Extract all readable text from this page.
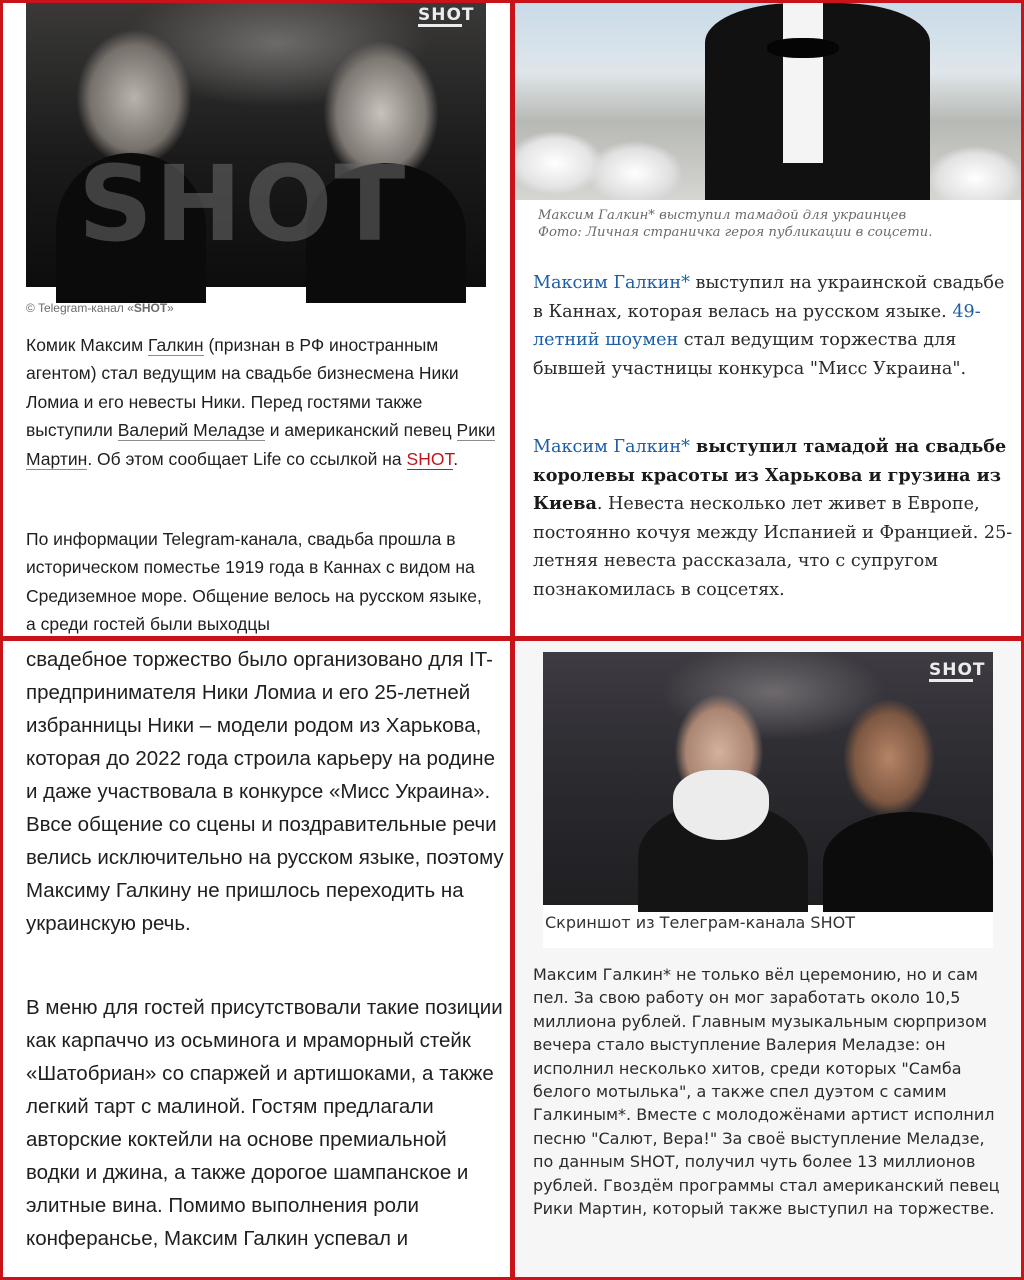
SHOT
SHOT
© Telegram-канал «SHOT»

Комик Максим Галкин (признан в РФ иностранным агентом) стал ведущим на свадьбе бизнесмена Ники Ломиа и его невесты Ники. Перед гостями также выступили Валерий Меладзе и американский певец Рики Мартин. Об этом сообщает Life со ссылкой на SHOT.

По информации Telegram-канала, свадьба прошла в историческом поместье 1919 года в Каннах с видом на Средиземное море. Общение велось на русском языке, а среди гостей были выходцы

Максим Галкин* выступил тамадой для украинцев
Фото: Личная страничка героя публикации в соцсети.

Максим Галкин* выступил на украинской свадьбе в Каннах, которая велась на русском языке. 49-летний шоумен стал ведущим торжества для бывшей участницы конкурса "Мисс Украина".

Максим Галкин* выступил тамадой на свадьбе королевы красоты из Харькова и грузина из Киева. Невеста несколько лет живет в Европе, постоянно кочуя между Испанией и Францией. 25-летняя невеста рассказала, что с супругом познакомилась в соцсетях.

свадебное торжество было организовано для IT-предпринимателя Ники Ломиа и его 25-летней избранницы Ники – модели родом из Харькова, которая до 2022 года строила карьеру на родине и даже участвовала в конкурсе «Мисс Украина». Ввсе общение со сцены и поздравительные речи велись исключительно на русском языке, поэтому Максиму Галкину не пришлось переходить на украинскую речь.

В меню для гостей присутствовали такие позиции как карпаччо из осьминога и мраморный стейк «Шатобриан» со спаржей и артишоками, а также легкий тарт с малиной. Гостям предлагали авторские коктейли на основе премиальной водки и джина, а также дорогое шампанское и элитные вина. Помимо выполнения роли конферансье, Максим Галкин успевал и

SHOT
Скриншот из Телеграм-канала SHOT

Максим Галкин* не только вёл церемонию, но и сам пел. За свою работу он мог заработать около 10,5 миллиона рублей. Главным музыкальным сюрпризом вечера стало выступление Валерия Меладзе: он исполнил несколько хитов, среди которых "Самба белого мотылька", а также спел дуэтом с самим Галкиным*. Вместе с молодожёнами артист исполнил песню "Салют, Вера!" За своё выступление Меладзе, по данным SHOT, получил чуть более 13 миллионов рублей. Гвоздём программы стал американский певец Рики Мартин, который также выступил на торжестве.
